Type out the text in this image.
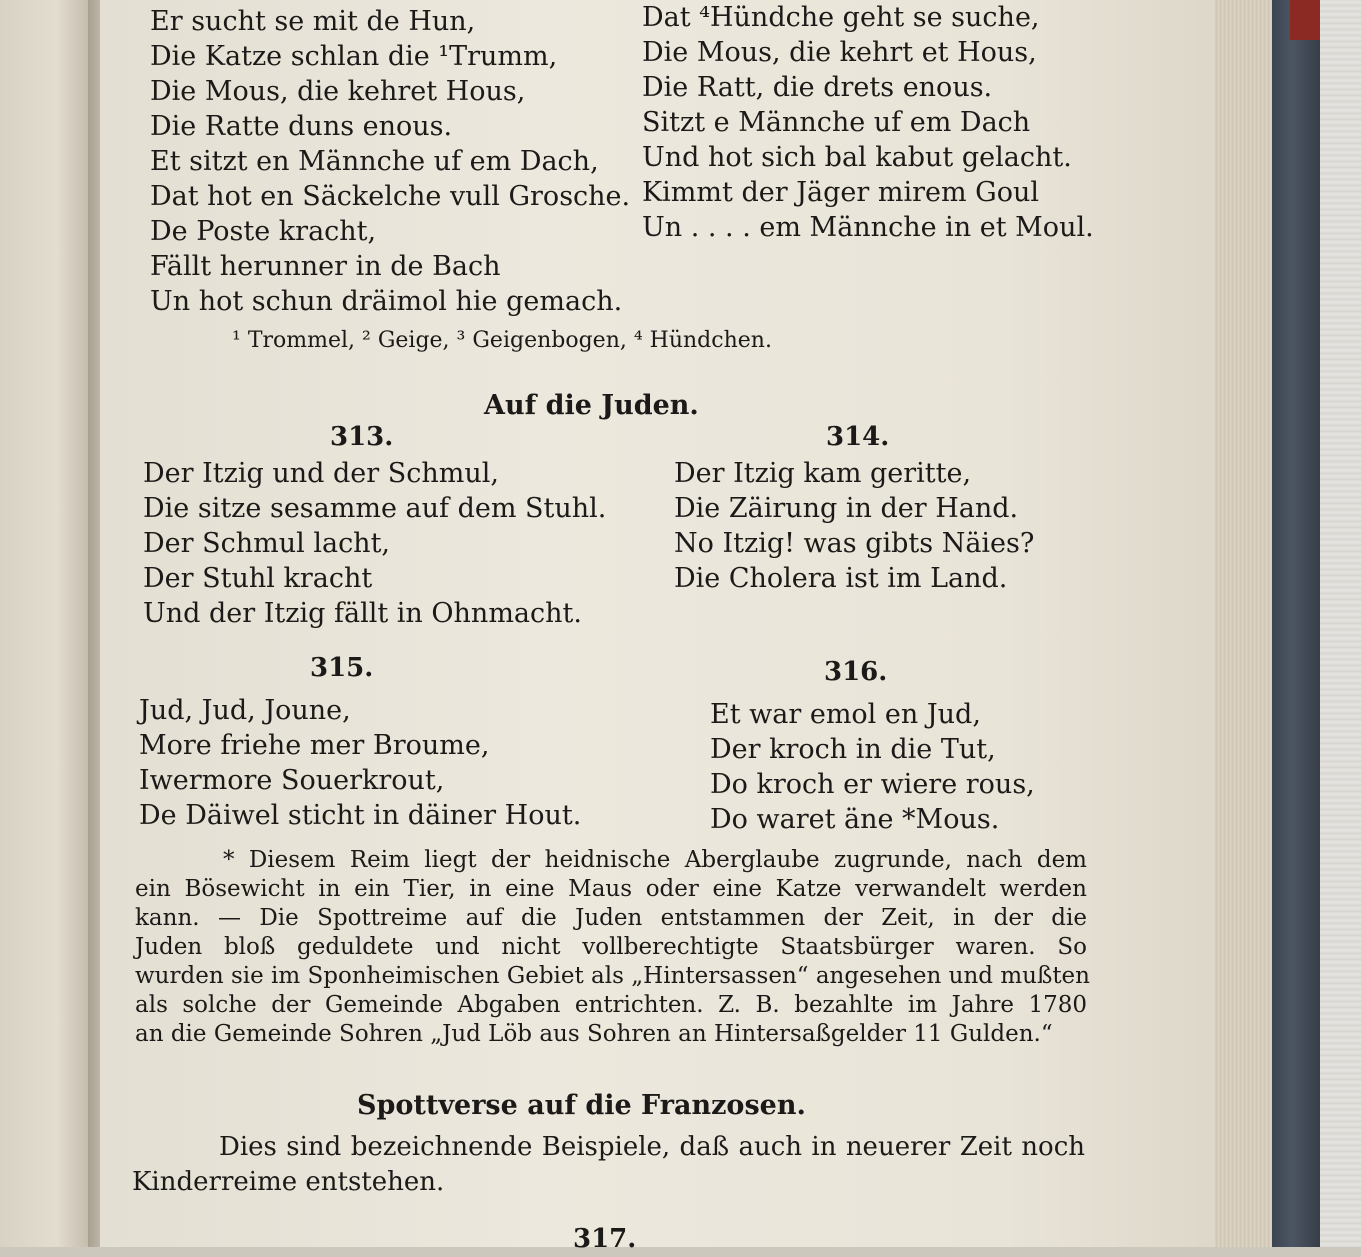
Er sucht se mit de Hun,
Die Katze schlan die ¹Trumm,
Die Mous, die kehret Hous,
Die Ratte duns enous.
Et sitzt en Männche uf em Dach,
Dat hot en Säckelche vull Grosche.
De Poste kracht,
Fällt herunner in de Bach
Un hot schun dräimol hie gemach.
Dat ⁴Hündche geht se suche,
Die Mous, die kehrt et Hous,
Die Ratt, die drets enous.
Sitzt e Männche uf em Dach
Und hot sich bal kabut gelacht.
Kimmt der Jäger mirem Goul
Un . . . . em Männche in et Moul.
¹ Trommel, ² Geige, ³ Geigenbogen, ⁴ Hündchen.
Auf die Juden.
313.	314.
Der Itzig und der Schmul,
Die sitze sesamme auf dem Stuhl.
Der Schmul lacht,
Der Stuhl kracht
Und der Itzig fällt in Ohnmacht.
Der Itzig kam geritte,
Die Zäirung in der Hand.
No Itzig! was gibts Näies?
Die Cholera ist im Land.
315.	316.
Jud, Jud, Joune,
More friehe mer Broume,
Iwermore Souerkrout,
De Däiwel sticht in däiner Hout.
Et war emol en Jud,
Der kroch in die Tut,
Do kroch er wiere rous,
Do waret äne *Mous.
* Diesem Reim liegt der heidnische Aberglaube zugrunde, nach dem
ein Bösewicht in ein Tier, in eine Maus oder eine Katze verwandelt werden
kann. — Die Spottreime auf die Juden entstammen der Zeit, in der die
Juden bloß geduldete und nicht vollberechtigte Staatsbürger waren. So
wurden sie im Sponheimischen Gebiet als „Hintersassen“ angesehen und mußten
als solche der Gemeinde Abgaben entrichten. Z. B. bezahlte im Jahre 1780
an die Gemeinde Sohren „Jud Löb aus Sohren an Hintersaßgelder 11 Gulden.“
Spottverse auf die Franzosen.
Dies sind bezeichnende Beispiele, daß auch in neuerer Zeit noch
Kinderreime entstehen.
317.
